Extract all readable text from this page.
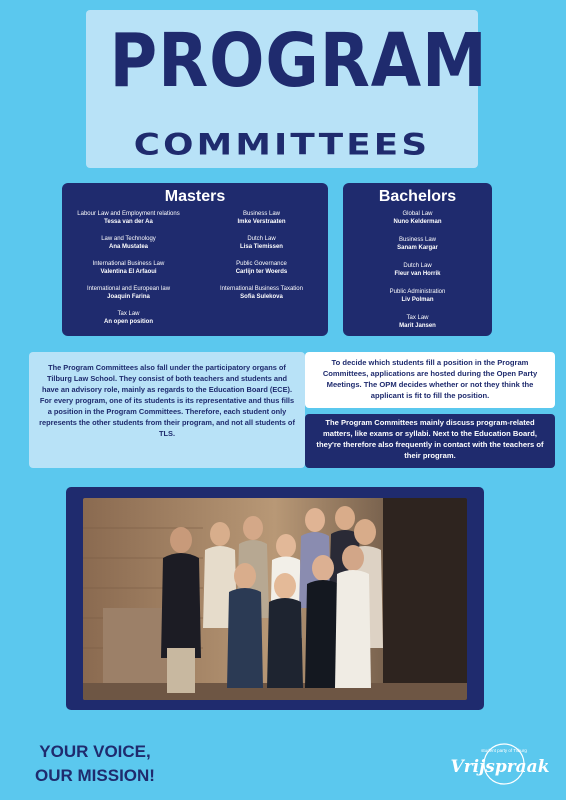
PROGRAM
COMMITTEES
Masters
Labour Law and Employment relations
Tessa van der Aa
Law and Technology
Ana Mustatea
International Business Law
Valentina El Arfaoui
International and European law
Joaquin Farina
Tax Law
An open position
Business Law
Imke Verstraaten
Dutch Law
Lisa Tiemissen
Public Governance
Carlijn ter Woerds
International Business Taxation
Sofia Sulekova
Bachelors
Global Law
Nuno Kelderman
Business Law
Sanam Kargar
Dutch Law
Fleur van Horrik
Public Administration
Liv Polman
Tax Law
Marit Jansen

The Program Committees also fall under the participatory organs of Tilburg Law School. They consist of both teachers and students and have an advisory role, mainly as regards to the Education Board (ECE). For every program, one of its students is its representative and thus fills a position in the Program Committees. Therefore, each student only represents the other students from their program, and not all students of TLS.

To decide which students fill a position in the Program Committees, applications are hosted during the Open Party Meetings. The OPM decides whether or not they think the applicant is fit to fill the position.

The Program Committees mainly discuss program-related matters, like exams or syllabi. Next to the Education Board, they're therefore also frequently in contact with the teachers of their program.

YOUR VOICE,
OUR MISSION!
student party of Tilburg
Vrijspraak
